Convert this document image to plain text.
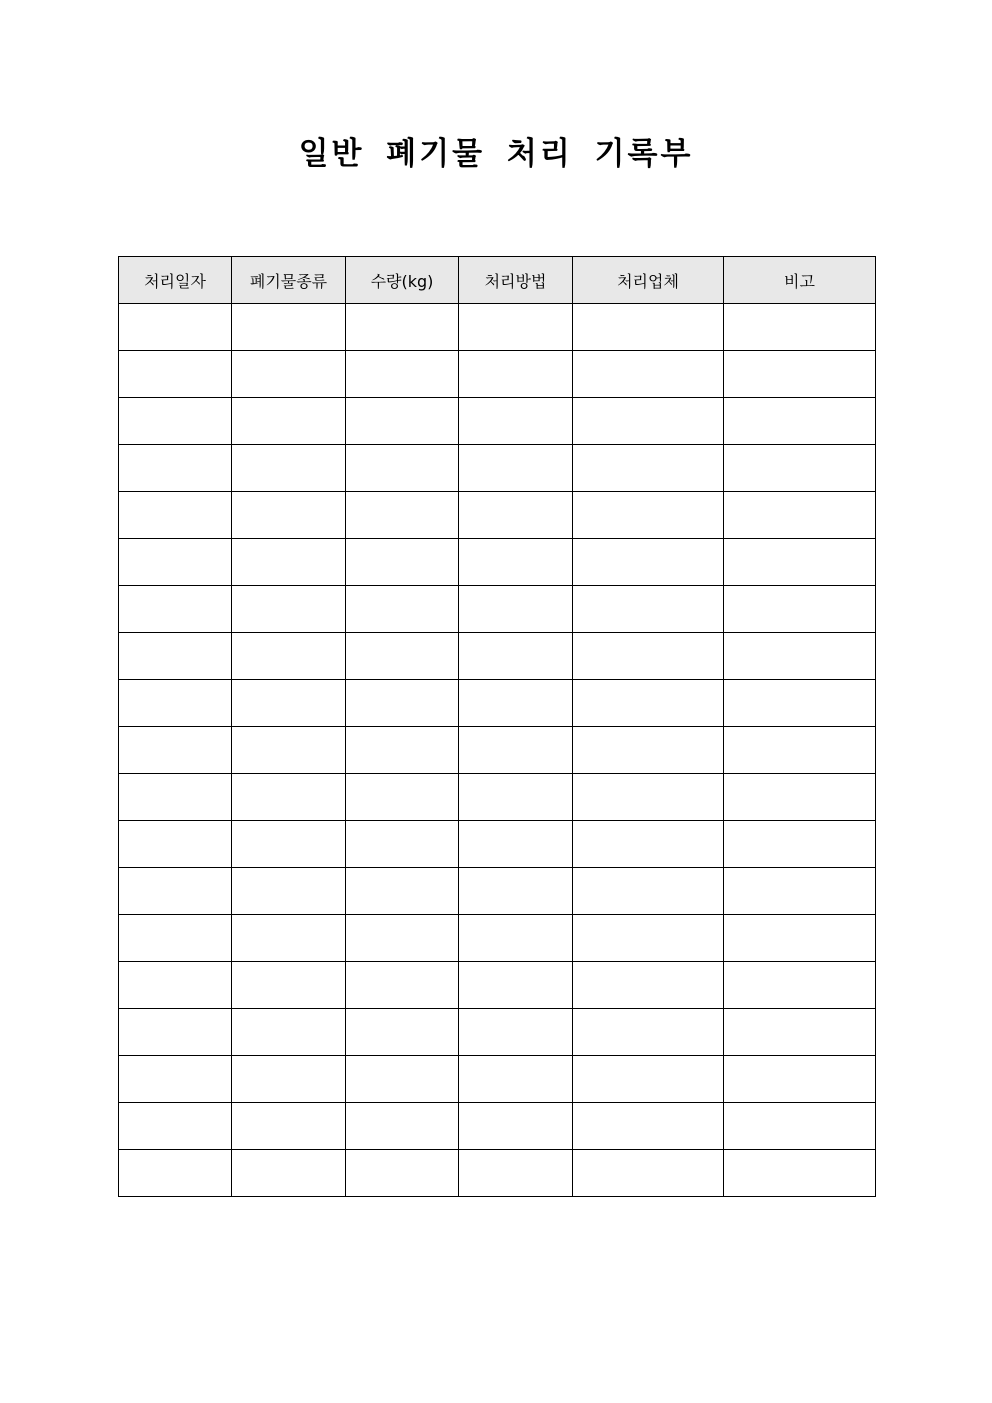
일반 폐기물 처리 기록부
처리일자	폐기물종류	수량(kg)	처리방법	처리업체	비고
